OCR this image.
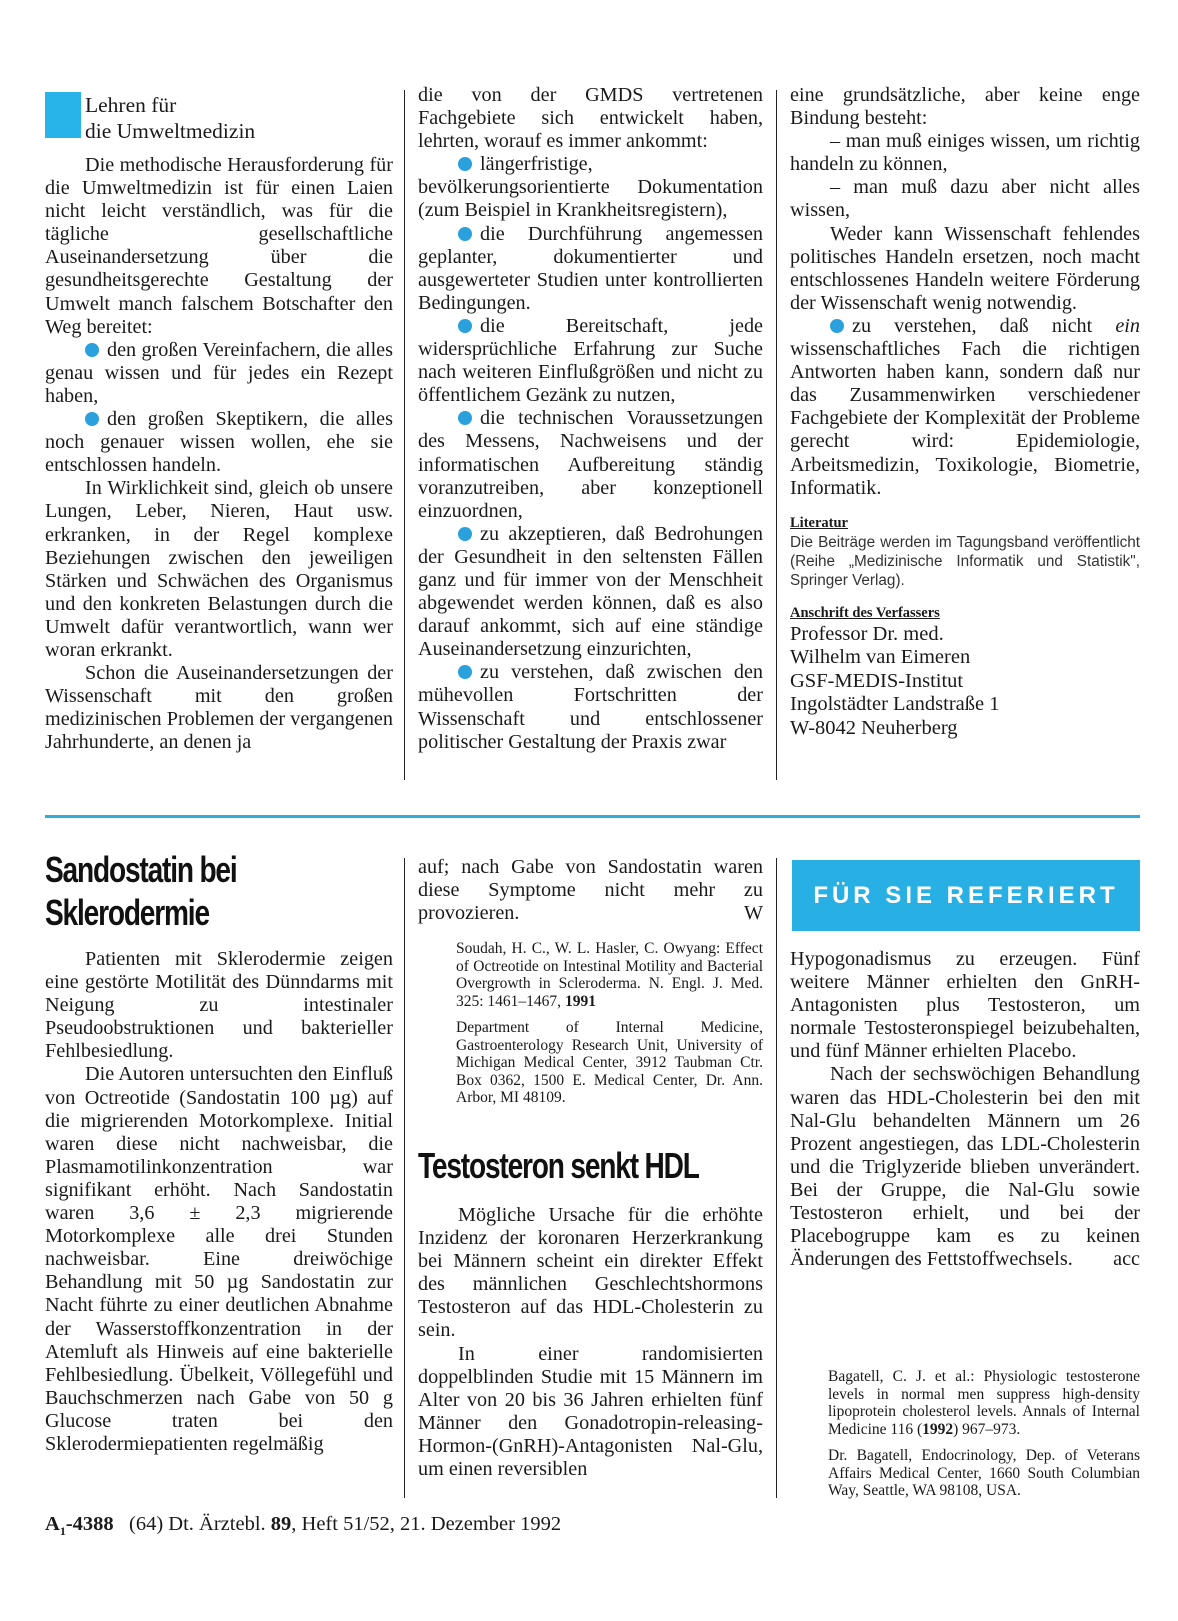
Lehren für
die Umweltmedizin

Die methodische Herausforderung für die Umweltmedizin ist für einen Laien nicht leicht verständlich, was für die tägliche gesellschaftliche Auseinandersetzung über die gesundheitsgerechte Gestaltung der Umwelt manch falschem Botschafter den Weg bereitet:

den großen Vereinfachern, die alles genau wissen und für jedes ein Rezept haben,

den großen Skeptikern, die alles noch genauer wissen wollen, ehe sie entschlossen handeln.

In Wirklichkeit sind, gleich ob unsere Lungen, Leber, Nieren, Haut usw. erkranken, in der Regel komplexe Beziehungen zwischen den jeweiligen Stärken und Schwächen des Organismus und den konkreten Belastungen durch die Umwelt dafür verantwortlich, wann wer woran erkrankt.

Schon die Auseinandersetzungen der Wissenschaft mit den großen medizinischen Problemen der vergangenen Jahrhunderte, an denen ja

die von der GMDS vertretenen Fachgebiete sich entwickelt haben, lehrten, worauf es immer ankommt:

längerfristige, bevölkerungsorientierte Dokumentation (zum Beispiel in Krankheitsregistern),

die Durchführung angemessen geplanter, dokumentierter und ausgewerteter Studien unter kontrollierten Bedingungen.

die Bereitschaft, jede widersprüchliche Erfahrung zur Suche nach weiteren Einflußgrößen und nicht zu öffentlichem Gezänk zu nutzen,

die technischen Voraussetzungen des Messens, Nachweisens und der informatischen Aufbereitung ständig voranzutreiben, aber konzeptionell einzuordnen,

zu akzeptieren, daß Bedrohungen der Gesundheit in den seltensten Fällen ganz und für immer von der Menschheit abgewendet werden können, daß es also darauf ankommt, sich auf eine ständige Auseinandersetzung einzurichten,

zu verstehen, daß zwischen den mühevollen Fortschritten der Wissenschaft und entschlossener politischer Gestaltung der Praxis zwar

eine grundsätzliche, aber keine enge Bindung besteht:

– man muß einiges wissen, um richtig handeln zu können,

– man muß dazu aber nicht alles wissen,

Weder kann Wissenschaft fehlendes politisches Handeln ersetzen, noch macht entschlossenes Handeln weitere Förderung der Wissenschaft wenig notwendig.

zu verstehen, daß nicht ein wissenschaftliches Fach die richtigen Antworten haben kann, sondern daß nur das Zusammenwirken verschiedener Fachgebiete der Komplexität der Probleme gerecht wird: Epidemiologie, Arbeitsmedizin, Toxikologie, Biometrie, Informatik.

Literatur

Die Beiträge werden im Tagungsband veröffentlicht (Reihe „Medizinische Informatik und Statistik", Springer Verlag).

Anschrift des Verfassers

Professor Dr. med.
Wilhelm van Eimeren
GSF-MEDIS-Institut
Ingolstädter Landstraße 1
W-8042 Neuherberg
Sandostatin bei
Sklerodermie

Patienten mit Sklerodermie zeigen eine gestörte Motilität des Dünndarms mit Neigung zu intestinaler Pseudoobstruktionen und bakterieller Fehlbesiedlung.

Die Autoren untersuchten den Einfluß von Octreotide (Sandostatin 100 µg) auf die migrierenden Motorkomplexe. Initial waren diese nicht nachweisbar, die Plasmamotilinkonzentration war signifikant erhöht. Nach Sandostatin waren 3,6 ± 2,3 migrierende Motorkomplexe alle drei Stunden nachweisbar. Eine dreiwöchige Behandlung mit 50 µg Sandostatin zur Nacht führte zu einer deutlichen Abnahme der Wasserstoffkonzentration in der Atemluft als Hinweis auf eine bakterielle Fehlbesiedlung. Übelkeit, Völlegefühl und Bauchschmerzen nach Gabe von 50 g Glucose traten bei den Sklerodermiepatienten regelmäßig

auf; nach Gabe von Sandostatin waren diese Symptome nicht mehr zu provozieren.	W

Soudah, H. C., W. L. Hasler, C. Owyang: Effect of Octreotide on Intestinal Motility and Bacterial Overgrowth in Scleroderma. N. Engl. J. Med. 325: 1461–1467, 1991

Department of Internal Medicine, Gastroenterology Research Unit, University of Michigan Medical Center, 3912 Taubman Ctr. Box 0362, 1500 E. Medical Center, Dr. Ann. Arbor, MI 48109.

Testosteron senkt HDL

Mögliche Ursache für die erhöhte Inzidenz der koronaren Herzerkrankung bei Männern scheint ein direkter Effekt des männlichen Geschlechtshormons Testosteron auf das HDL-Cholesterin zu sein.

In einer randomisierten doppelblinden Studie mit 15 Männern im Alter von 20 bis 36 Jahren erhielten fünf Männer den Gonadotropin-releasing-Hormon-(GnRH)-Antagonisten Nal-Glu, um einen reversiblen

FÜR SIE REFERIERT

Hypogonadismus zu erzeugen. Fünf weitere Männer erhielten den GnRH-Antagonisten plus Testosteron, um normale Testosteronspiegel beizubehalten, und fünf Männer erhielten Placebo.

Nach der sechswöchigen Behandlung waren das HDL-Cholesterin bei den mit Nal-Glu behandelten Männern um 26 Prozent angestiegen, das LDL-Cholesterin und die Triglyzeride blieben unverändert. Bei der Gruppe, die Nal-Glu sowie Testosteron erhielt, und bei der Placebogruppe kam es zu keinen Änderungen des Fettstoffwechsels.	acc

Bagatell, C. J. et al.: Physiologic testosterone levels in normal men suppress high-density lipoprotein cholesterol levels. Annals of Internal Medicine 116 (1992) 967–973.

Dr. Bagatell, Endocrinology, Dep. of Veterans Affairs Medical Center, 1660 South Columbian Way, Seattle, WA 98108, USA.

$A_1-4388$ (64) Dt. Ärztebl. 89, Heft 51/52, 21. Dezember 1992
